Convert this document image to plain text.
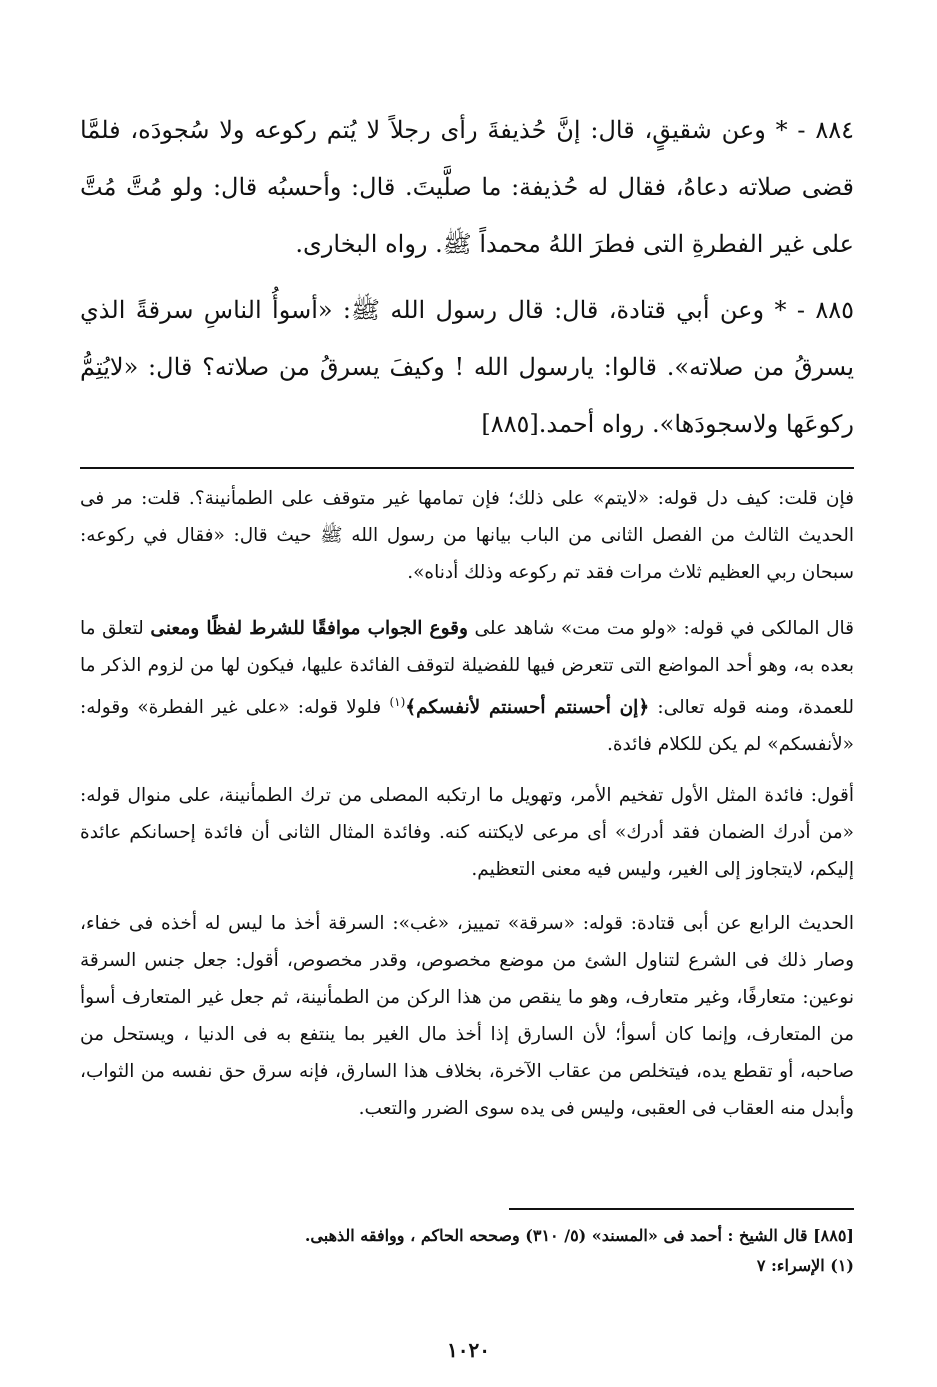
٨٨٤ - * وعن شقيقٍ، قال: إنَّ حُذيفةَ رأى رجلاً لا يُتم ركوعه ولا سُجودَه، فلمَّا قضى صلاته دعاهُ، فقال له حُذيفة: ما صلَّيتَ. قال: وأحسبُه قال: ولو مُتَّ مُتَّ على غير الفطرةِ التى فطرَ اللهُ محمداً ﷺ. رواه البخارى.

٨٨٥ - * وعن أبي قتادة، قال: قال رسول الله ﷺ: «أسوأُ الناسِ سرقةً الذي يسرقُ من صلاته». قالوا: يارسول الله ! وكيفَ يسرقُ من صلاته؟ قال: «لايُتِمُّ ركوعَها ولاسجودَها». رواه أحمد.[٨٨٥]

فإن قلت: كيف دل قوله: «لايتم» على ذلك؛ فإن تمامها غير متوقف على الطمأنينة؟. قلت: مر فى الحديث الثالث من الفصل الثانى من الباب بيانها من رسول الله ﷺ حيث قال: «فقال في ركوعه: سبحان ربي العظيم ثلاث مرات فقد تم ركوعه وذلك أدناه».

قال المالكى في قوله: «ولو مت مت» شاهد على وقوع الجواب موافقًا للشرط لفظًا ومعنى لتعلق ما بعده به، وهو أحد المواضع التى تتعرض فيها للفضيلة لتوقف الفائدة عليها، فيكون لها من لزوم الذكر ما للعمدة، ومنه قوله تعالى: ﴿إن أحسنتم أحسنتم لأنفسكم﴾$^{(١)}$ فلولا قوله: «على غير الفطرة» وقوله: «لأنفسكم» لم يكن للكلام فائدة.

أقول: فائدة المثل الأول تفخيم الأمر، وتهويل ما ارتكبه المصلى من ترك الطمأنينة، على منوال قوله: «من أدرك الضمان فقد أدرك» أى مرعى لايكتنه كنه. وفائدة المثال الثانى أن فائدة إحسانكم عائدة إليكم، لايتجاوز إلى الغير، وليس فيه معنى التعظيم.

الحديث الرابع عن أبى قتادة: قوله: «سرقة» تمييز، «غب»: السرقة أخذ ما ليس له أخذه فى خفاء، وصار ذلك فى الشرع لتناول الشئ من موضع مخصوص، وقدر مخصوص، أقول: جعل جنس السرقة نوعين: متعارفًا، وغير متعارف، وهو ما ينقص من هذا الركن من الطمأنينة، ثم جعل غير المتعارف أسوأ من المتعارف، وإنما كان أسوأ؛ لأن السارق إذا أخذ مال الغير بما ينتفع به فى الدنيا ، ويستحل من صاحبه، أو تقطع يده، فيتخلص من عقاب الآخرة، بخلاف هذا السارق، فإنه سرق حق نفسه من الثواب، وأبدل منه العقاب فى العقبى، وليس فى يده سوى الضرر والتعب.

[٨٨٥] قال الشيخ : أحمد فى «المسند» (٥/ ٣١٠) وصححه الحاكم ، ووافقه الذهبى.

(١) الإسراء: ٧

١٠٢٠
